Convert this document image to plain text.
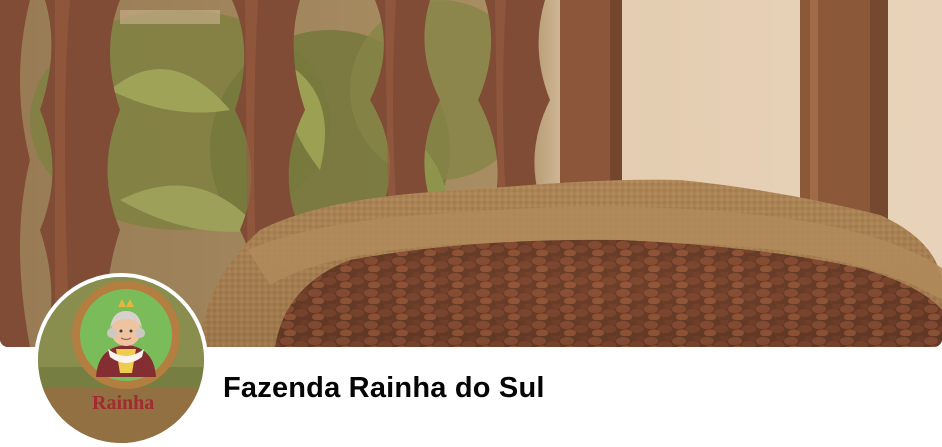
Rainha Fazenda Rainha do Sul
